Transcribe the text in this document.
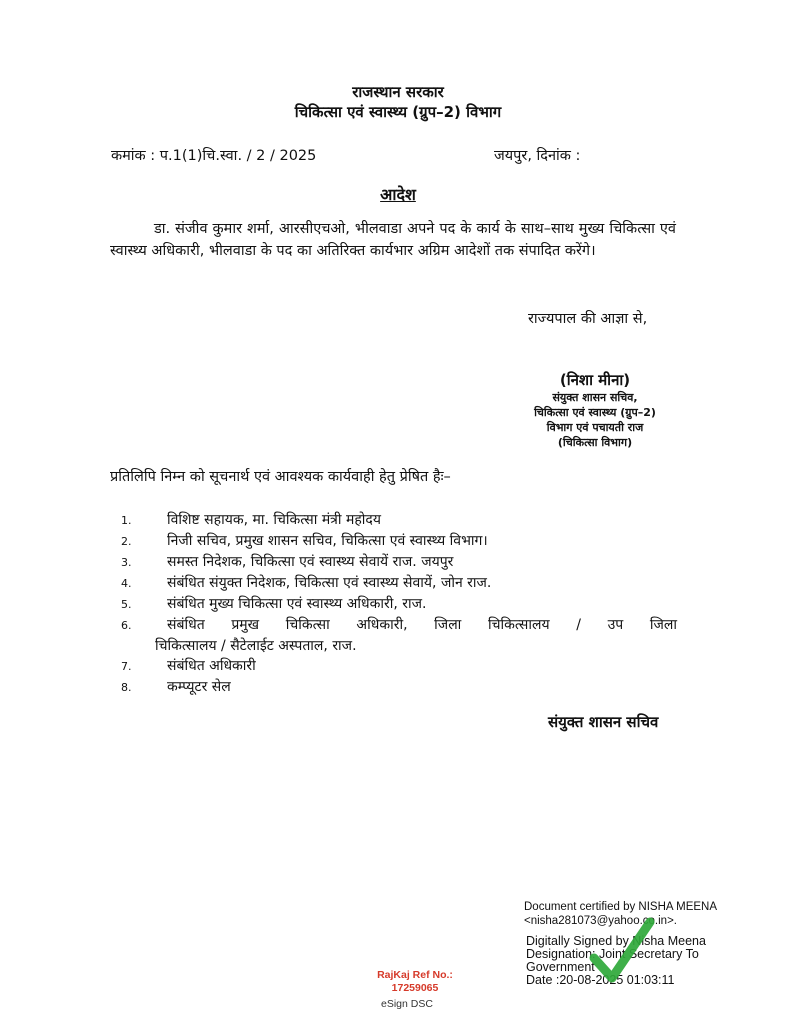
राजस्थान सरकार
चिकित्सा एवं स्वास्थ्य (ग्रुप–2) विभाग
कमांक : प.1(1)चि.स्वा. / 2 / 2025	जयपुर, दिनांक :
आदेश
डा. संजीव कुमार शर्मा, आरसीएचओ, भीलवाडा अपने पद के कार्य के साथ–साथ मुख्य चिकित्सा एवं स्वास्थ्य अधिकारी, भीलवाडा के पद का अतिरिक्त कार्यभार अग्रिम आदेशों तक संपादित करेंगे।
राज्यपाल की आज्ञा से,
(निशा मीना)
संयुक्त शासन सचिव,
चिकित्सा एवं स्वास्थ्य (ग्रुप–2)
विभाग एवं पचायती राज
(चिकित्सा विभाग)
प्रतिलिपि निम्न को सूचनार्थ एवं आवश्यक कार्यवाही हेतु प्रेषित हैः–
1.	विशिष्ट सहायक, मा. चिकित्सा मंत्री महोदय
2.	निजी सचिव, प्रमुख शासन सचिव, चिकित्सा एवं स्वास्थ्य विभाग।
3.	समस्त निदेशक, चिकित्सा एवं स्वास्थ्य सेवायें राज. जयपुर
4.	संबंधित संयुक्त निदेशक, चिकित्सा एवं स्वास्थ्य सेवायें, जोन राज.
5.	संबंधित मुख्य चिकित्सा एवं स्वास्थ्य अधिकारी, राज.
6.	संबंधित प्रमुख चिकित्सा अधिकारी, जिला चिकित्सालय / उप जिला
चिकित्सालय / सैटेलाईट अस्पताल, राज.
7.	संबंधित अधिकारी
8.	कम्प्यूटर सेल
संयुक्त शासन सचिव
Document certified by NISHA MEENA
<nisha281073@yahoo.co.in>.
Digitally Signed by Nisha Meena
Designation: Joint Secretary To
Government
Date :20-08-2025 01:03:11
RajKaj Ref No.:
17259065
eSign DSC
